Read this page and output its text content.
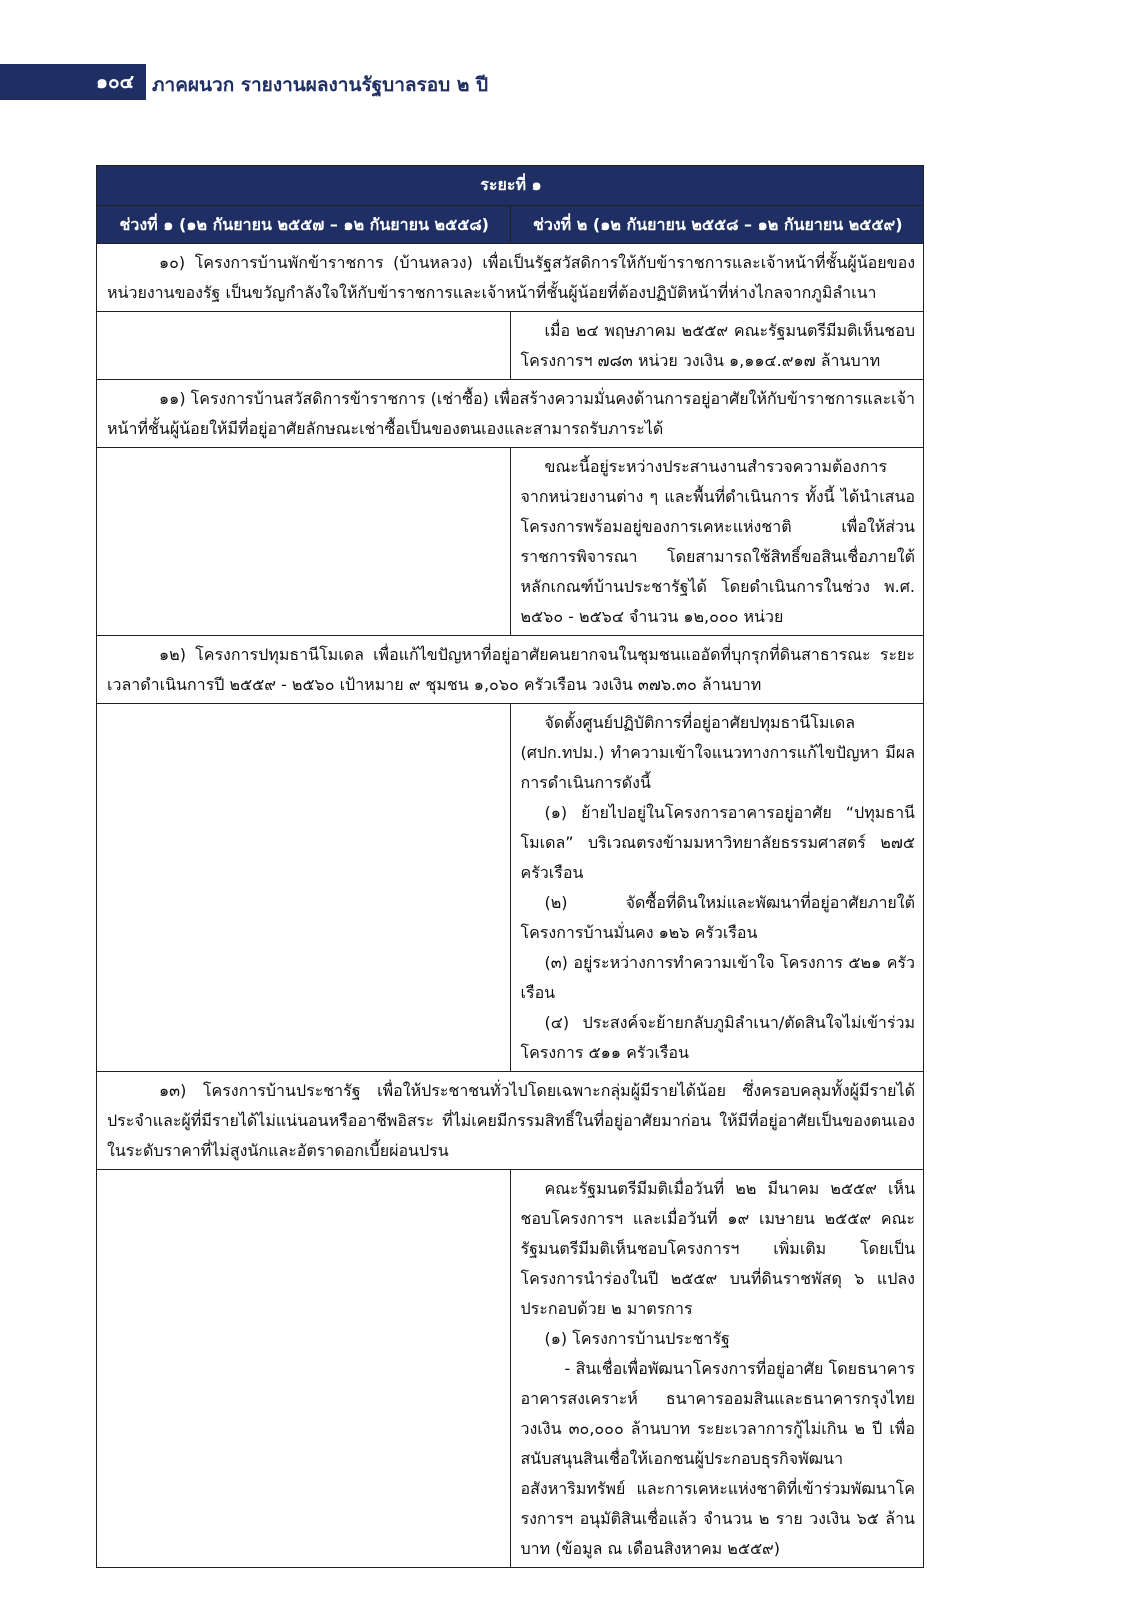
๑๐๔ ภาคผนวก รายงานผลงานรัฐบาลรอบ ๒ ปี
ระยะที่ ๑	
ช่วงที่ ๑ (๑๒ กันยายน ๒๕๕๗ – ๑๒ กันยายน ๒๕๕๘)	ช่วงที่ ๒ (๑๒ กันยายน ๒๕๕๘ – ๑๒ กันยายน ๒๕๕๙)
๑๐) โครงการบ้านพักข้าราชการ (บ้านหลวง) เพื่อเป็นรัฐสวัสดิการให้กับข้าราชการและเจ้าหน้าที่ชั้นผู้น้อยของหน่วยงานของรัฐ เป็นขวัญกำลังใจให้กับข้าราชการและเจ้าหน้าที่ชั้นผู้น้อยที่ต้องปฏิบัติหน้าที่ห่างไกลจากภูมิลำเนา	

	เมื่อ ๒๔ พฤษภาคม ๒๕๕๙ คณะรัฐมนตรีมีมติเห็นชอบโครงการฯ ๗๘๓ หน่วย วงเงิน ๑,๑๑๔.๙๑๗ ล้านบาท

๑๑) โครงการบ้านสวัสดิการข้าราชการ (เช่าซื้อ) เพื่อสร้างความมั่นคงด้านการอยู่อาศัยให้กับข้าราชการและเจ้าหน้าที่ชั้นผู้น้อยให้มีที่อยู่อาศัยลักษณะเช่าซื้อเป็นของตนเองและสามารถรับภาระได้	

	ขณะนี้อยู่ระหว่างประสานงานสำรวจความต้องการจากหน่วยงานต่าง ๆ และพื้นที่ดำเนินการ ทั้งนี้ ได้นำเสนอโครงการพร้อมอยู่ของการเคหะแห่งชาติ เพื่อให้ส่วนราชการพิจารณา โดยสามารถใช้สิทธิ์ขอสินเชื่อภายใต้หลักเกณฑ์บ้านประชารัฐได้ โดยดำเนินการในช่วง พ.ศ. ๒๕๖๐ - ๒๕๖๔ จำนวน ๑๒,๐๐๐ หน่วย

๑๒) โครงการปทุมธานีโมเดล เพื่อแก้ไขปัญหาที่อยู่อาศัยคนยากจนในชุมชนแออัดที่บุกรุกที่ดินสาธารณะ ระยะเวลาดำเนินการปี ๒๕๕๙ - ๒๕๖๐ เป้าหมาย ๙ ชุมชน ๑,๐๖๐ ครัวเรือน วงเงิน ๓๗๖.๓๐ ล้านบาท	

	จัดตั้งศูนย์ปฏิบัติการที่อยู่อาศัยปทุมธานีโมเดล (ศปก.ทปม.) ทำความเข้าใจแนวทางการแก้ไขปัญหา มีผลการดำเนินการดังนี้

(๑) ย้ายไปอยู่ในโครงการอาคารอยู่อาศัย “ปทุมธานีโมเดล” บริเวณตรงข้ามมหาวิทยาลัยธรรมศาสตร์ ๒๗๕ ครัวเรือน

(๒) จัดซื้อที่ดินใหม่และพัฒนาที่อยู่อาศัยภายใต้โครงการบ้านมั่นคง ๑๒๖ ครัวเรือน

(๓) อยู่ระหว่างการทำความเข้าใจ โครงการ ๕๒๑ ครัวเรือน

(๔) ประสงค์จะย้ายกลับภูมิลำเนา/ตัดสินใจไม่เข้าร่วมโครงการ ๕๑๑ ครัวเรือน

๑๓) โครงการบ้านประชารัฐ เพื่อให้ประชาชนทั่วไปโดยเฉพาะกลุ่มผู้มีรายได้น้อย ซึ่งครอบคลุมทั้งผู้มีรายได้ประจำและผู้ที่มีรายได้ไม่แน่นอนหรืออาชีพอิสระ ที่ไม่เคยมีกรรมสิทธิ์ในที่อยู่อาศัยมาก่อน ให้มีที่อยู่อาศัยเป็นของตนเองในระดับราคาที่ไม่สูงนักและอัตราดอกเบี้ยผ่อนปรน	

	คณะรัฐมนตรีมีมติเมื่อวันที่ ๒๒ มีนาคม ๒๕๕๙ เห็นชอบโครงการฯ และเมื่อวันที่ ๑๙ เมษายน ๒๕๕๙ คณะรัฐมนตรีมีมติเห็นชอบโครงการฯ เพิ่มเติม โดยเป็นโครงการนำร่องในปี ๒๕๕๙ บนที่ดินราชพัสดุ ๖ แปลง ประกอบด้วย ๒ มาตรการ

(๑) โครงการบ้านประชารัฐ

- สินเชื่อเพื่อพัฒนาโครงการที่อยู่อาศัย โดยธนาคารอาคารสงเคราะห์ ธนาคารออมสินและธนาคารกรุงไทย วงเงิน ๓๐,๐๐๐ ล้านบาท ระยะเวลาการกู้ไม่เกิน ๒ ปี เพื่อสนับสนุนสินเชื่อให้เอกชนผู้ประกอบธุรกิจพัฒนาอสังหาริมทรัพย์ และการเคหะแห่งชาติที่เข้าร่วมพัฒนาโครงการฯ อนุมัติสินเชื่อแล้ว จำนวน ๒ ราย วงเงิน ๖๕ ล้านบาท (ข้อมูล ณ เดือนสิงหาคม ๒๕๕๙)
